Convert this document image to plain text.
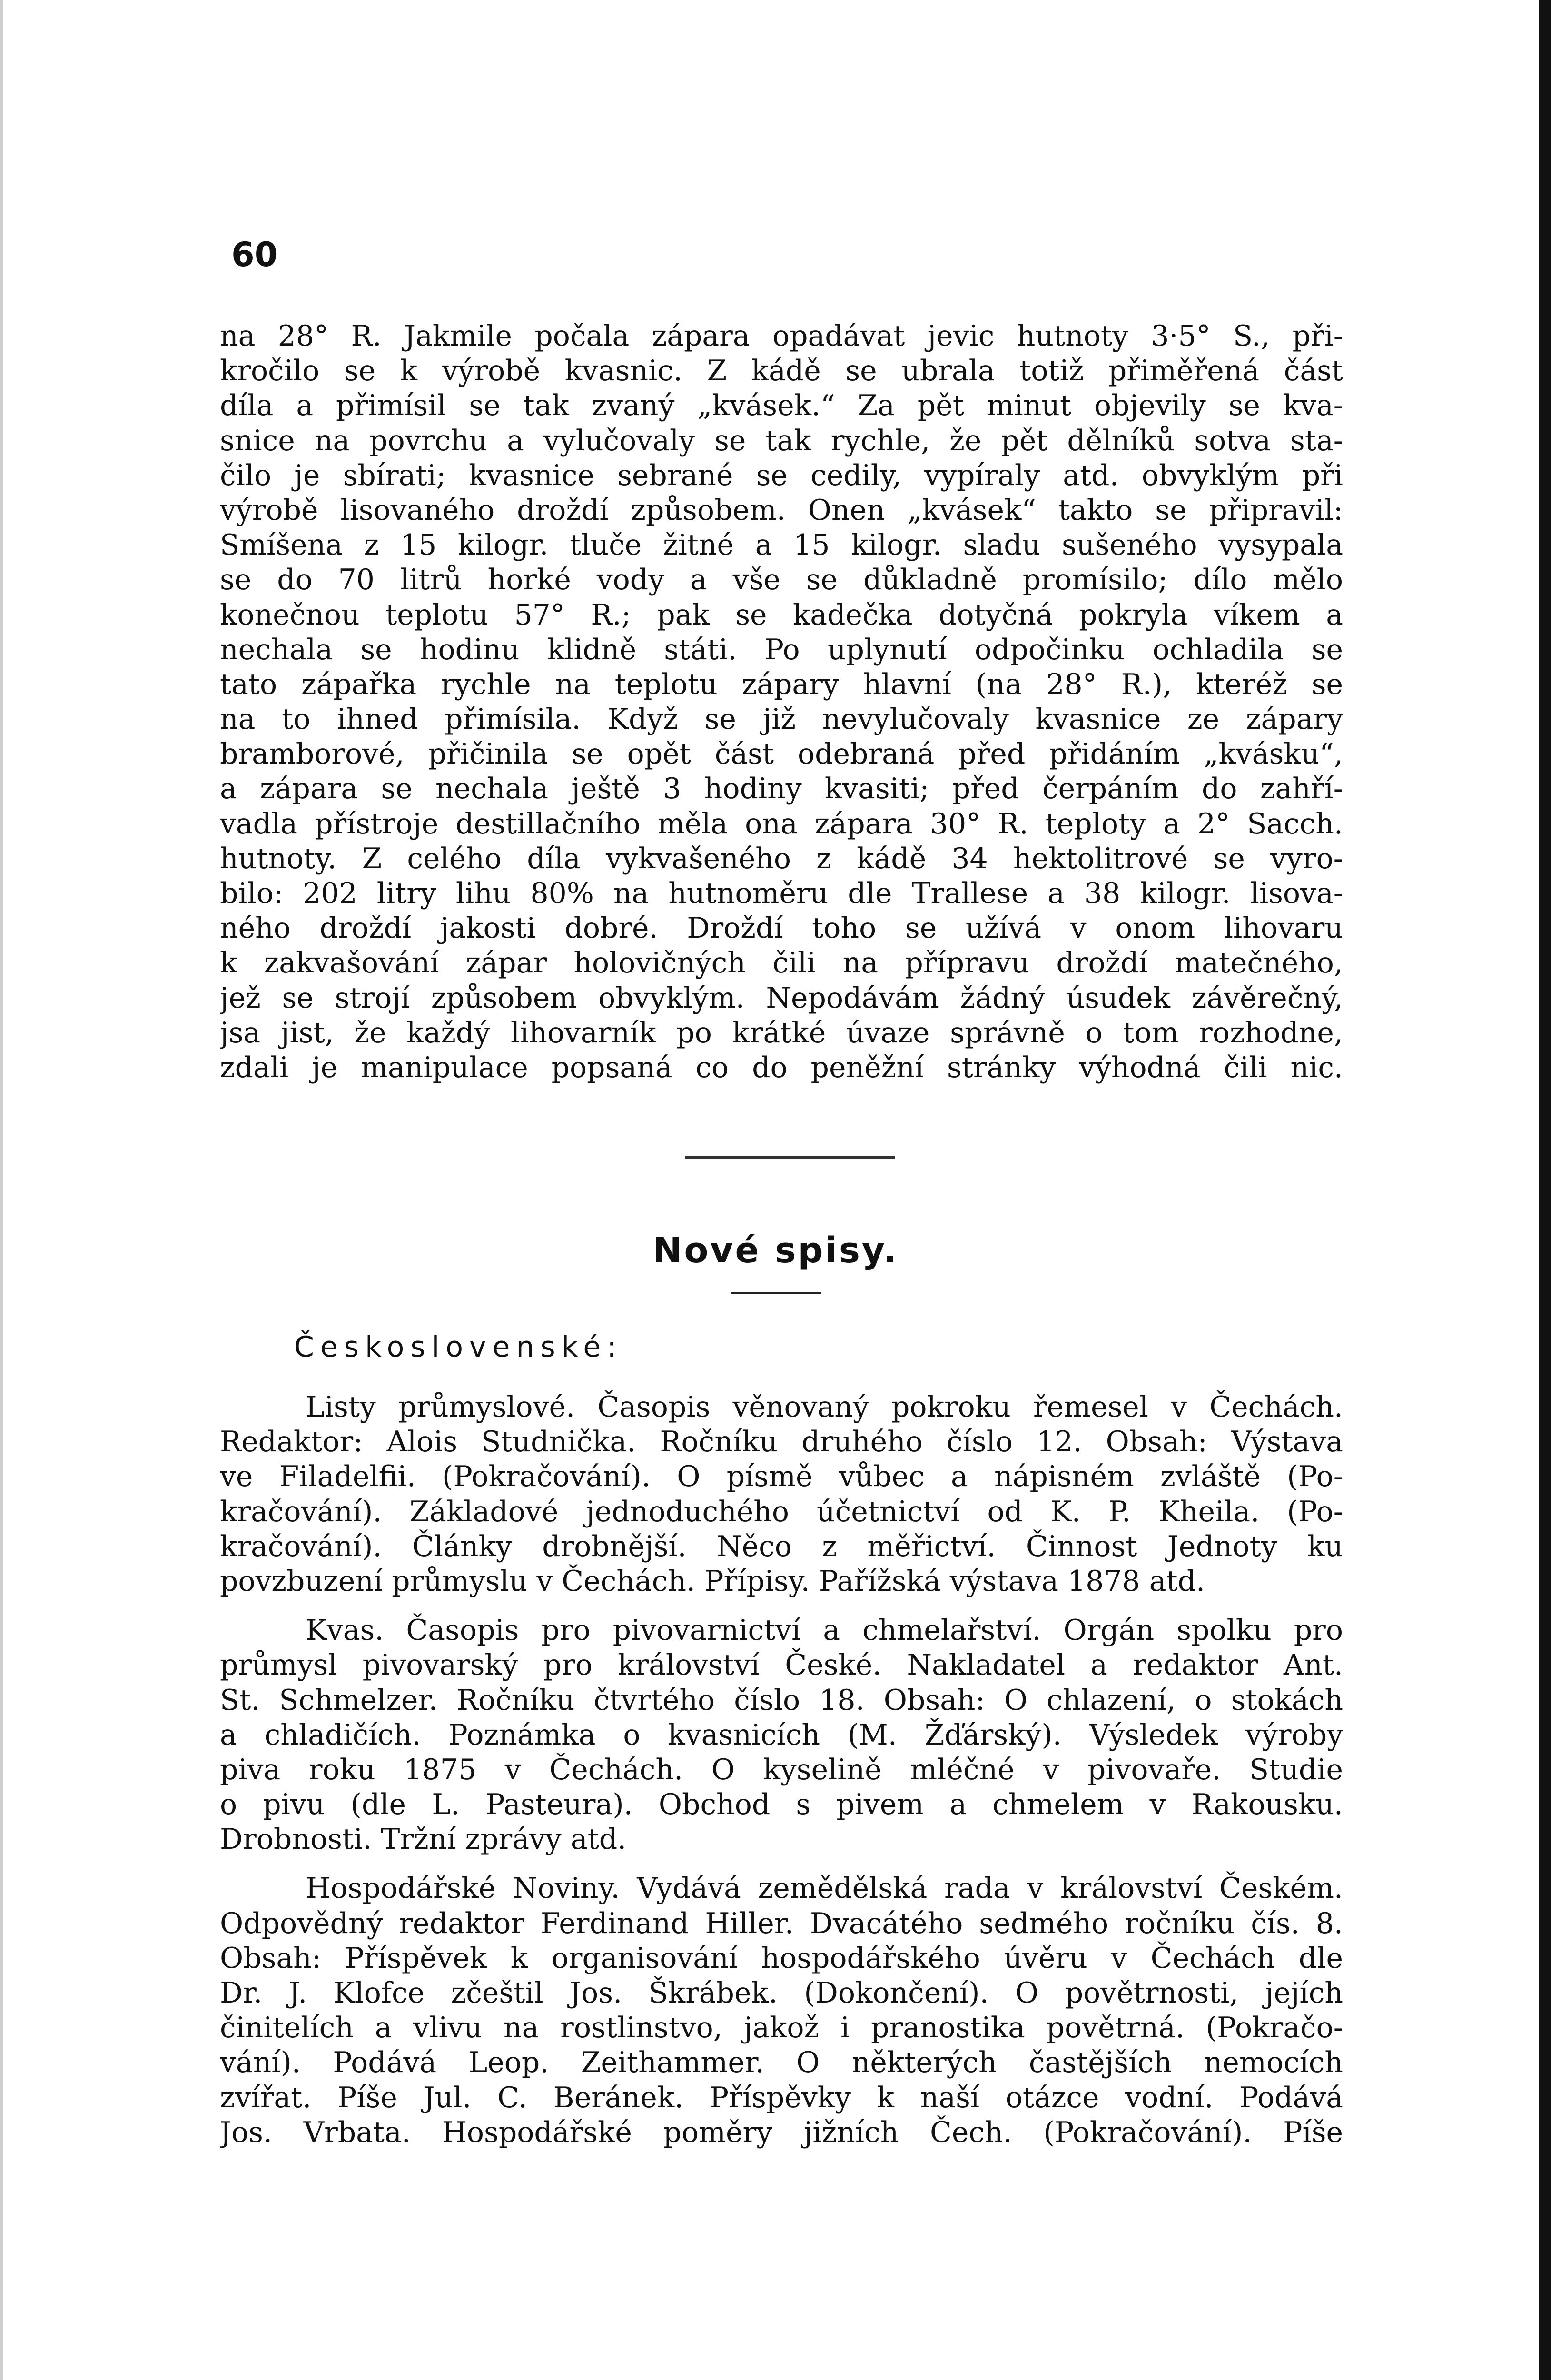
60
na 28° R. Jakmile počala zápara opadávat jevic hutnoty 3·5° S., při-
kročilo se k výrobě kvasnic. Z kádě se ubrala totiž přiměřená část
díla a přimísil se tak zvaný „kvásek.“ Za pět minut objevily se kva-
snice na povrchu a vylučovaly se tak rychle, že pět dělníků sotva sta-
čilo je sbírati; kvasnice sebrané se cedily, vypíraly atd. obvyklým při
výrobě lisovaného droždí způsobem. Onen „kvásek“ takto se připravil:
Smíšena z 15 kilogr. tluče žitné a 15 kilogr. sladu sušeného vysypala
se do 70 litrů horké vody a vše se důkladně promísilo; dílo mělo
konečnou teplotu 57° R.; pak se kadečka dotyčná pokryla víkem a
nechala se hodinu klidně státi. Po uplynutí odpočinku ochladila se
tato zápařka rychle na teplotu zápary hlavní (na 28° R.), kteréž se
na to ihned přimísila. Když se již nevylučovaly kvasnice ze zápary
bramborové, přičinila se opět část odebraná před přidáním „kvásku“,
a zápara se nechala ještě 3 hodiny kvasiti; před čerpáním do zahří-
vadla přístroje destillačního měla ona zápara 30° R. teploty a 2° Sacch.
hutnoty. Z celého díla vykvašeného z kádě 34 hektolitrové se vyro-
bilo: 202 litry lihu 80% na hutnoměru dle Trallese a 38 kilogr. lisova-
ného droždí jakosti dobré. Droždí toho se užívá v onom lihovaru
k zakvašování zápar holovičných čili na přípravu droždí matečného,
jež se strojí způsobem obvyklým. Nepodávám žádný úsudek závěrečný,
jsa jist, že každý lihovarník po krátké úvaze správně o tom rozhodne,
zdali je manipulace popsaná co do peněžní stránky výhodná čili nic.
Nové spisy.
Československé:
Listy průmyslové. Časopis věnovaný pokroku řemesel v Čechách.
Redaktor: Alois Studnička. Ročníku druhého číslo 12. Obsah: Výstava
ve Filadelfii. (Pokračování). O písmě vůbec a nápisném zvláště (Po-
kračování). Základové jednoduchého účetnictví od K. P. Kheila. (Po-
kračování). Články drobnější. Něco z měřictví. Činnost Jednoty ku
povzbuzení průmyslu v Čechách. Přípisy. Pařížská výstava 1878 atd.
Kvas. Časopis pro pivovarnictví a chmelařství. Orgán spolku pro
průmysl pivovarský pro království České. Nakladatel a redaktor Ant.
St. Schmelzer. Ročníku čtvrtého číslo 18. Obsah: O chlazení, o stokách
a chladičích. Poznámka o kvasnicích (M. Žďárský). Výsledek výroby
piva roku 1875 v Čechách. O kyselině mléčné v pivovaře. Studie
o pivu (dle L. Pasteura). Obchod s pivem a chmelem v Rakousku.
Drobnosti. Tržní zprávy atd.
Hospodářské Noviny. Vydává zemědělská rada v království Českém.
Odpovědný redaktor Ferdinand Hiller. Dvacátého sedmého ročníku čís. 8.
Obsah: Příspěvek k organisování hospodářského úvěru v Čechách dle
Dr. J. Klofce zčeštil Jos. Škrábek. (Dokončení). O povětrnosti, jejích
činitelích a vlivu na rostlinstvo, jakož i pranostika povětrná. (Pokračo-
vání). Podává Leop. Zeithammer. O některých častějších nemocích
zvířat. Píše Jul. C. Beránek. Příspěvky k naší otázce vodní. Podává
Jos. Vrbata. Hospodářské poměry jižních Čech. (Pokračování). Píše
